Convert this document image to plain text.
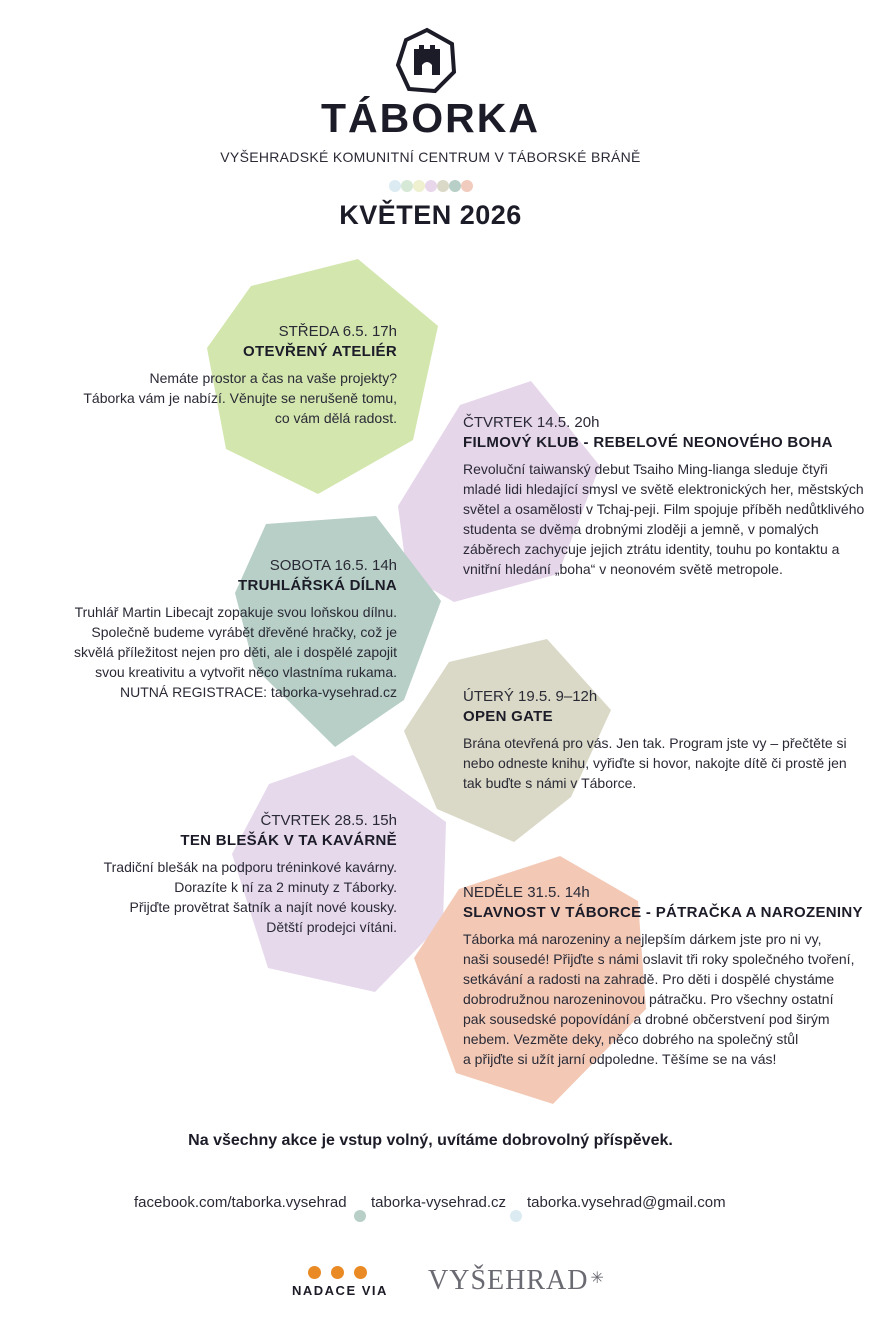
TÁBORKA
VYŠEHRADSKÉ KOMUNITNÍ CENTRUM V TÁBORSKÉ BRÁNĚ
KVĚTEN 2026
STŘEDA 6.5. 17h
OTEVŘENÝ ATELIÉR

Nemáte prostor a čas na vaše projekty?

Táborka vám je nabízí. Věnujte se nerušeně tomu,

co vám dělá radost.	ČTVRTEK 14.5. 20h
FILMOVÝ KLUB - REBELOVÉ NEONOVÉHO BOHA

Revoluční taiwanský debut Tsaiho Ming-lianga sleduje čtyři

mladé lidi hledající smysl ve světě elektronických her, městských

světel a osamělosti v Tchaj-peji. Film spojuje příběh nedůtklivého

studenta se dvěma drobnými zloději a jemně, v pomalých

záběrech zachycuje jejich ztrátu identity, touhu po kontaktu a

vnitřní hledání „boha“ v neonovém světě metropole.

SOBOTA 16.5. 14h
TRUHLÁŘSKÁ DÍLNA

Truhlář Martin Libecajt zopakuje svou loňskou dílnu.

Společně budeme vyrábět dřevěné hračky, což je

skvělá příležitost nejen pro děti, ale i dospělé zapojit

svou kreativitu a vytvořit něco vlastníma rukama.

NUTNÁ REGISTRACE: taborka-vysehrad.cz	ÚTERÝ 19.5. 9–12h
OPEN GATE

Brána otevřená pro vás. Jen tak. Program jste vy – přečtěte si

nebo odneste knihu, vyřiďte si hovor, nakojte dítě či prostě jen

tak buďte s námi v Táborce.

ČTVRTEK 28.5. 15h
TEN BLEŠÁK V TA KAVÁRNĚ

Tradiční blešák na podporu tréninkové kavárny.

Dorazíte k ní za 2 minuty z Táborky.

Přijďte provětrat šatník a najít nové kousky.

Dětští prodejci vítáni.

NEDĚLE 31.5. 14h
SLAVNOST V TÁBORCE - PÁTRAČKA A NAROZENINY

Táborka má narozeniny a nejlepším dárkem jste pro ni vy,

naši sousedé! Přijďte s námi oslavit tři roky společného tvoření,

setkávání a radosti na zahradě. Pro děti i dospělé chystáme

dobrodružnou narozeninovou pátračku. Pro všechny ostatní

pak sousedské popovídání a drobné občerstvení pod širým

nebem. Vezměte deky, něco dobrého na společný stůl

a přijďte si užít jarní odpoledne. Těšíme se na vás!

Na všechny akce je vstup volný, uvítáme dobrovolný příspěvek.
facebook.com/taborka.vysehrad taborka-vysehrad.cz taborka.vysehrad@gmail.com
NADACE VIA VYŠEHRAD ✳
